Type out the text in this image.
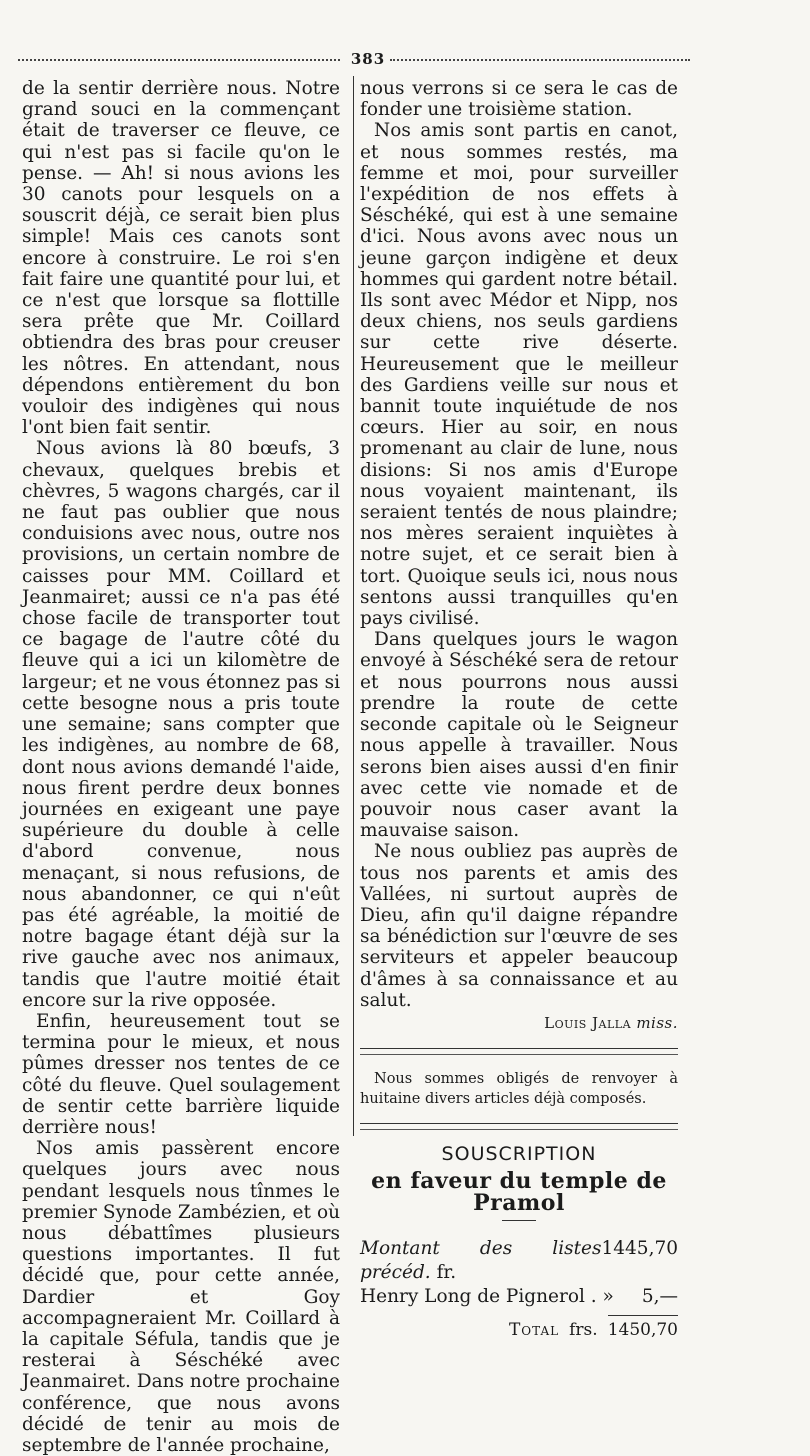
383

de la sentir derrière nous. Notre grand souci en la commençant était de traverser ce fleuve, ce qui n'est pas si facile qu'on le pense. — Ah! si nous avions les 30 canots pour lesquels on a souscrit déjà, ce serait bien plus simple! Mais ces canots sont encore à construire. Le roi s'en fait faire une quantité pour lui, et ce n'est que lorsque sa flottille sera prête que Mr. Coillard obtiendra des bras pour creuser les nôtres. En attendant, nous dépendons entièrement du bon vouloir des indigènes qui nous l'ont bien fait sentir.

Nous avions là 80 bœufs, 3 chevaux, quelques brebis et chèvres, 5 wagons chargés, car il ne faut pas oublier que nous conduisions avec nous, outre nos provisions, un certain nombre de caisses pour MM. Coillard et Jeanmairet; aussi ce n'a pas été chose facile de transporter tout ce bagage de l'autre côté du fleuve qui a ici un kilomètre de largeur; et ne vous étonnez pas si cette besogne nous a pris toute une semaine; sans compter que les indigènes, au nombre de 68, dont nous avions demandé l'aide, nous firent perdre deux bonnes journées en exigeant une paye supérieure du double à celle d'abord convenue, nous menaçant, si nous refusions, de nous abandonner, ce qui n'eût pas été agréable, la moitié de notre bagage étant déjà sur la rive gauche avec nos animaux, tandis que l'autre moitié était encore sur la rive opposée.

Enfin, heureusement tout se termina pour le mieux, et nous pûmes dresser nos tentes de ce côté du fleuve. Quel soulagement de sentir cette barrière liquide derrière nous!

Nos amis passèrent encore quelques jours avec nous pendant lesquels nous tînmes le premier Synode Zambézien, et où nous débattîmes plusieurs questions importantes. Il fut décidé que, pour cette année, Dardier et Goy accompagneraient Mr. Coillard à la capitale Séfula, tandis que je resterai à Séschéké avec Jeanmairet. Dans notre prochaine conférence, que nous avons décidé de tenir au mois de septembre de l'année prochaine,

nous verrons si ce sera le cas de fonder une troisième station.

Nos amis sont partis en canot, et nous sommes restés, ma femme et moi, pour surveiller l'expédition de nos effets à Séschéké, qui est à une semaine d'ici. Nous avons avec nous un jeune garçon indigène et deux hommes qui gardent notre bétail. Ils sont avec Médor et Nipp, nos deux chiens, nos seuls gardiens sur cette rive déserte. Heureusement que le meilleur des Gardiens veille sur nous et bannit toute inquiétude de nos cœurs. Hier au soir, en nous promenant au clair de lune, nous disions: Si nos amis d'Europe nous voyaient maintenant, ils seraient tentés de nous plaindre; nos mères seraient inquiètes à notre sujet, et ce serait bien à tort. Quoique seuls ici, nous nous sentons aussi tranquilles qu'en pays civilisé.

Dans quelques jours le wagon envoyé à Séschéké sera de retour et nous pourrons nous aussi prendre la route de cette seconde capitale où le Seigneur nous appelle à travailler. Nous serons bien aises aussi d'en finir avec cette vie nomade et de pouvoir nous caser avant la mauvaise saison.

Ne nous oubliez pas auprès de tous nos parents et amis des Vallées, ni surtout auprès de Dieu, afin qu'il daigne répandre sa bénédiction sur l'œuvre de ses serviteurs et appeler beaucoup d'âmes à sa connaissance et au salut.

Louis Jalla miss.
Nous sommes obligés de renvoyer à huitaine divers articles déjà composés.
SOUSCRIPTION
en faveur du temple de Pramol
Montant des listes précéd. fr.
1445,70
Henry Long de Pignerol . » 5,—
Total frs. 1450,70
